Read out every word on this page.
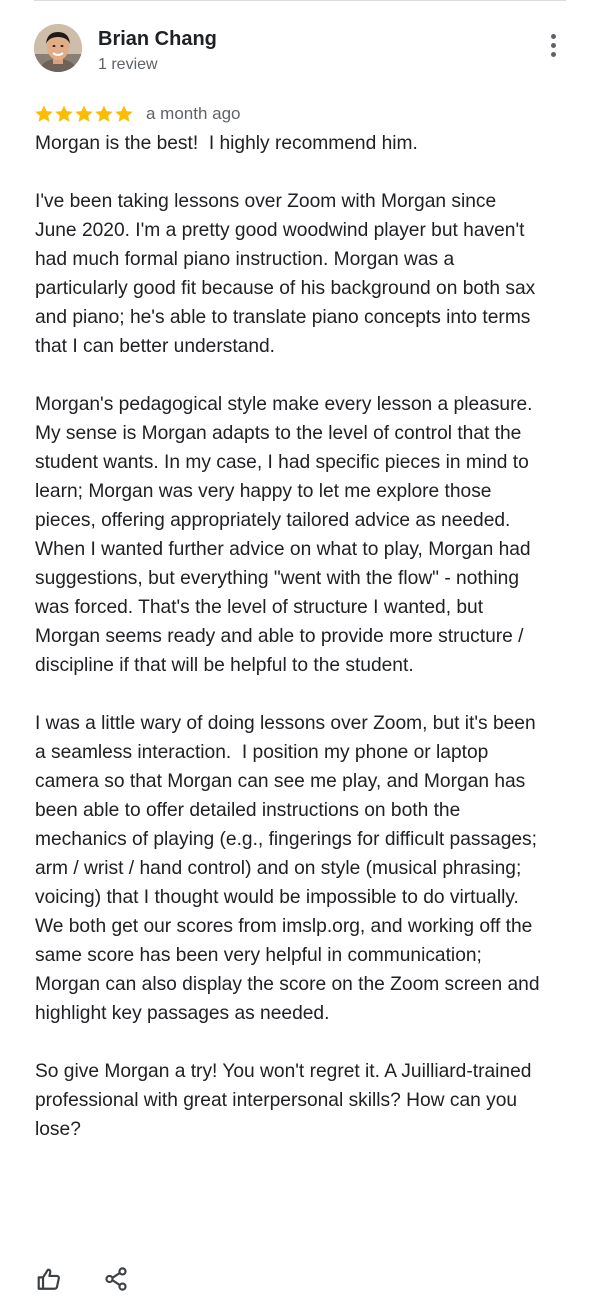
Brian Chang
1 review
a month ago

Morgan is the best!  I highly recommend him.

I've been taking lessons over Zoom with Morgan since June 2020. I'm a pretty good woodwind player but haven't had much formal piano instruction. Morgan was a particularly good fit because of his background on both sax and piano; he's able to translate piano concepts into terms that I can better understand.

Morgan's pedagogical style make every lesson a pleasure. My sense is Morgan adapts to the level of control that the student wants. In my case, I had specific pieces in mind to learn; Morgan was very happy to let me explore those pieces, offering appropriately tailored advice as needed. When I wanted further advice on what to play, Morgan had suggestions, but everything "went with the flow" - nothing was forced. That's the level of structure I wanted, but Morgan seems ready and able to provide more structure / discipline if that will be helpful to the student.

I was a little wary of doing lessons over Zoom, but it's been a seamless interaction.  I position my phone or laptop camera so that Morgan can see me play, and Morgan has been able to offer detailed instructions on both the mechanics of playing (e.g., fingerings for difficult passages; arm / wrist / hand control) and on style (musical phrasing; voicing) that I thought would be impossible to do virtually. We both get our scores from imslp.org, and working off the same score has been very helpful in communication; Morgan can also display the score on the Zoom screen and highlight key passages as needed.

So give Morgan a try! You won't regret it. A Juilliard-trained professional with great interpersonal skills? How can you lose?
